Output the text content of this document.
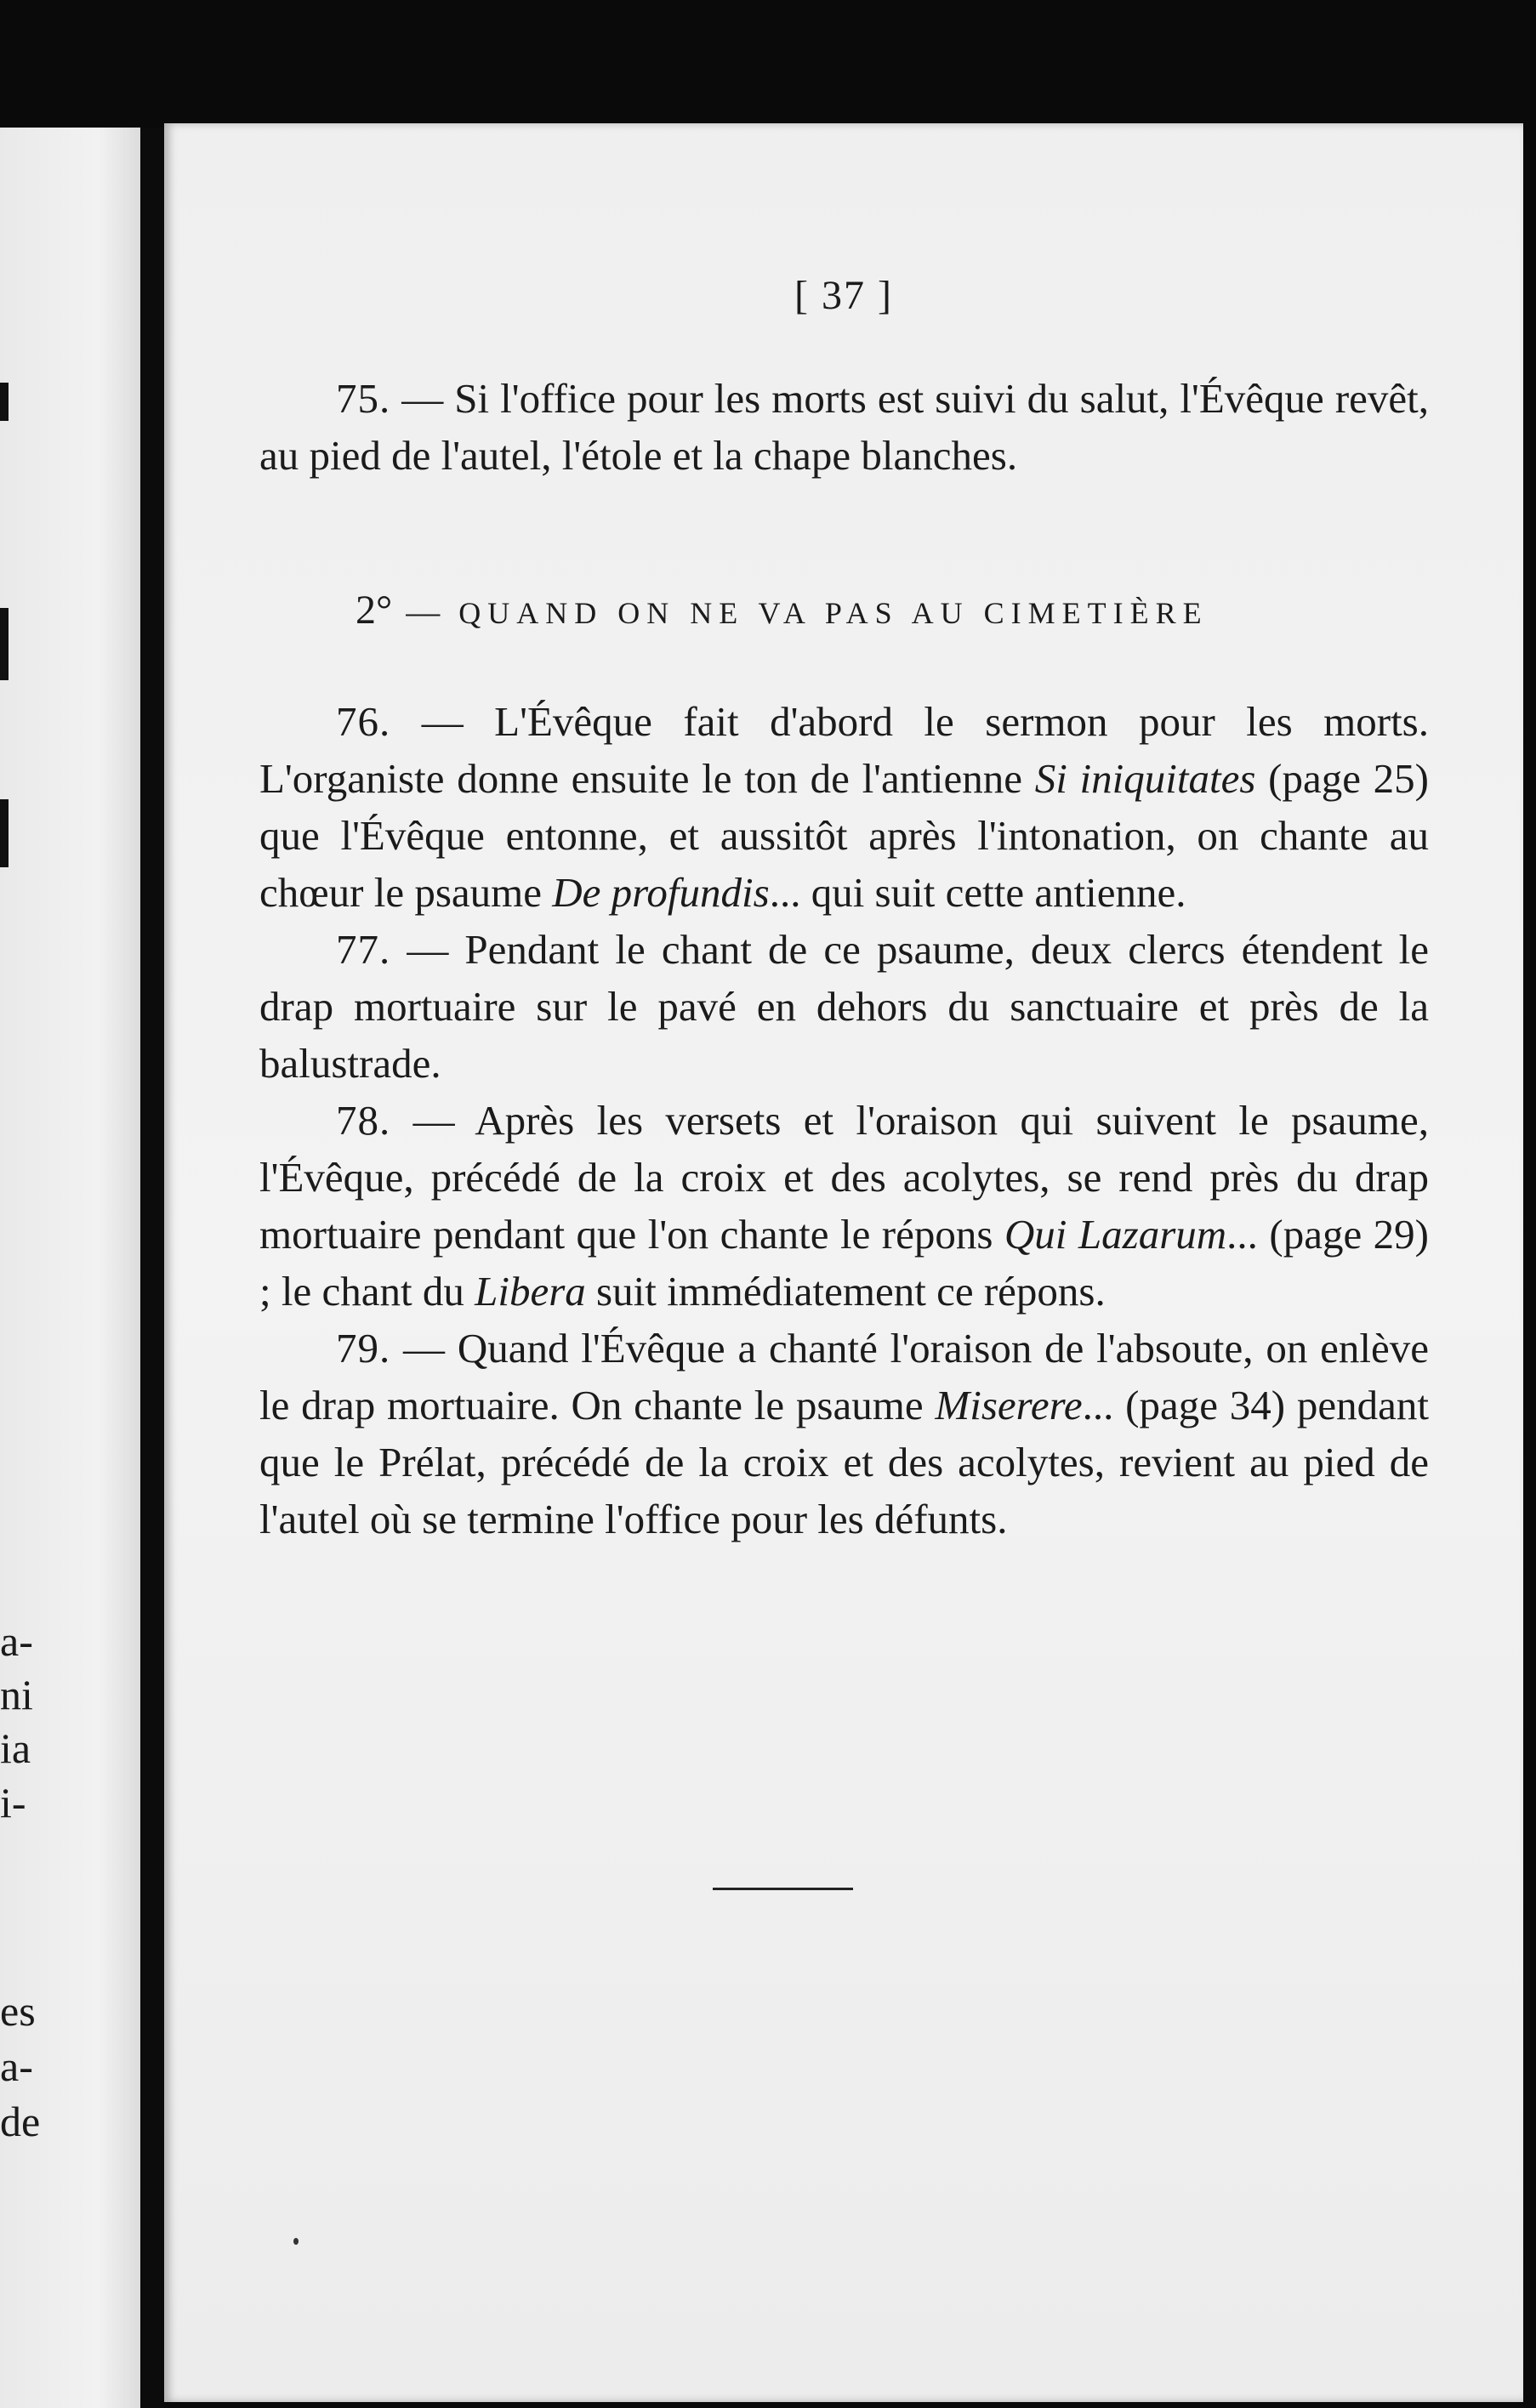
a-
ni
ia
i-
es
a-
de
[ 37 ]

75. — Si l'office pour les morts est suivi du salut, l'Évêque revêt, au pied de l'autel, l'étole et la chape blanches.

2° — QUAND ON NE VA PAS AU CIMETIÈRE

76. — L'Évêque fait d'abord le sermon pour les morts. L'organiste donne ensuite le ton de l'antienne Si iniquitates (page 25) que l'Évêque entonne, et aussitôt après l'intonation, on chante au chœur le psaume De profundis... qui suit cette antienne.

77. — Pendant le chant de ce psaume, deux clercs étendent le drap mortuaire sur le pavé en dehors du sanctuaire et près de la balustrade.

78. — Après les versets et l'oraison qui suivent le psaume, l'Évêque, précédé de la croix et des acolytes, se rend près du drap mortuaire pendant que l'on chante le répons Qui Lazarum... (page 29) ; le chant du Libera suit immédiatement ce répons.

79. — Quand l'Évêque a chanté l'oraison de l'absoute, on enlève le drap mortuaire. On chante le psaume Miserere... (page 34) pendant que le Prélat, précédé de la croix et des acolytes, revient au pied de l'autel où se termine l'office pour les défunts.
